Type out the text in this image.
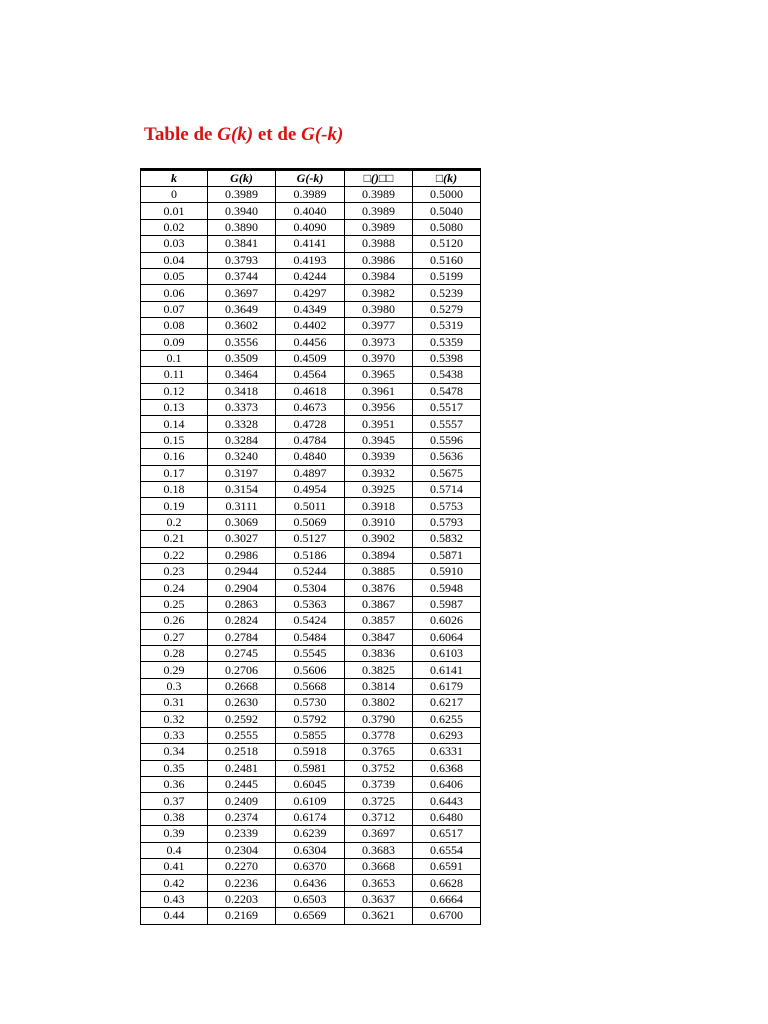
Table de G(k) et de G(-k)
k	G(k)	G(-k)	□()□□	□(k)
0	0.3989	0.3989	0.3989	0.5000
0.01	0.3940	0.4040	0.3989	0.5040
0.02	0.3890	0.4090	0.3989	0.5080
0.03	0.3841	0.4141	0.3988	0.5120
0.04	0.3793	0.4193	0.3986	0.5160
0.05	0.3744	0.4244	0.3984	0.5199
0.06	0.3697	0.4297	0.3982	0.5239
0.07	0.3649	0.4349	0.3980	0.5279
0.08	0.3602	0.4402	0.3977	0.5319
0.09	0.3556	0.4456	0.3973	0.5359
0.1	0.3509	0.4509	0.3970	0.5398
0.11	0.3464	0.4564	0.3965	0.5438
0.12	0.3418	0.4618	0.3961	0.5478
0.13	0.3373	0.4673	0.3956	0.5517
0.14	0.3328	0.4728	0.3951	0.5557
0.15	0.3284	0.4784	0.3945	0.5596
0.16	0.3240	0.4840	0.3939	0.5636
0.17	0.3197	0.4897	0.3932	0.5675
0.18	0.3154	0.4954	0.3925	0.5714
0.19	0.3111	0.5011	0.3918	0.5753
0.2	0.3069	0.5069	0.3910	0.5793
0.21	0.3027	0.5127	0.3902	0.5832
0.22	0.2986	0.5186	0.3894	0.5871
0.23	0.2944	0.5244	0.3885	0.5910
0.24	0.2904	0.5304	0.3876	0.5948
0.25	0.2863	0.5363	0.3867	0.5987
0.26	0.2824	0.5424	0.3857	0.6026
0.27	0.2784	0.5484	0.3847	0.6064
0.28	0.2745	0.5545	0.3836	0.6103
0.29	0.2706	0.5606	0.3825	0.6141
0.3	0.2668	0.5668	0.3814	0.6179
0.31	0.2630	0.5730	0.3802	0.6217
0.32	0.2592	0.5792	0.3790	0.6255
0.33	0.2555	0.5855	0.3778	0.6293
0.34	0.2518	0.5918	0.3765	0.6331
0.35	0.2481	0.5981	0.3752	0.6368
0.36	0.2445	0.6045	0.3739	0.6406
0.37	0.2409	0.6109	0.3725	0.6443
0.38	0.2374	0.6174	0.3712	0.6480
0.39	0.2339	0.6239	0.3697	0.6517
0.4	0.2304	0.6304	0.3683	0.6554
0.41	0.2270	0.6370	0.3668	0.6591
0.42	0.2236	0.6436	0.3653	0.6628
0.43	0.2203	0.6503	0.3637	0.6664
0.44	0.2169	0.6569	0.3621	0.6700
